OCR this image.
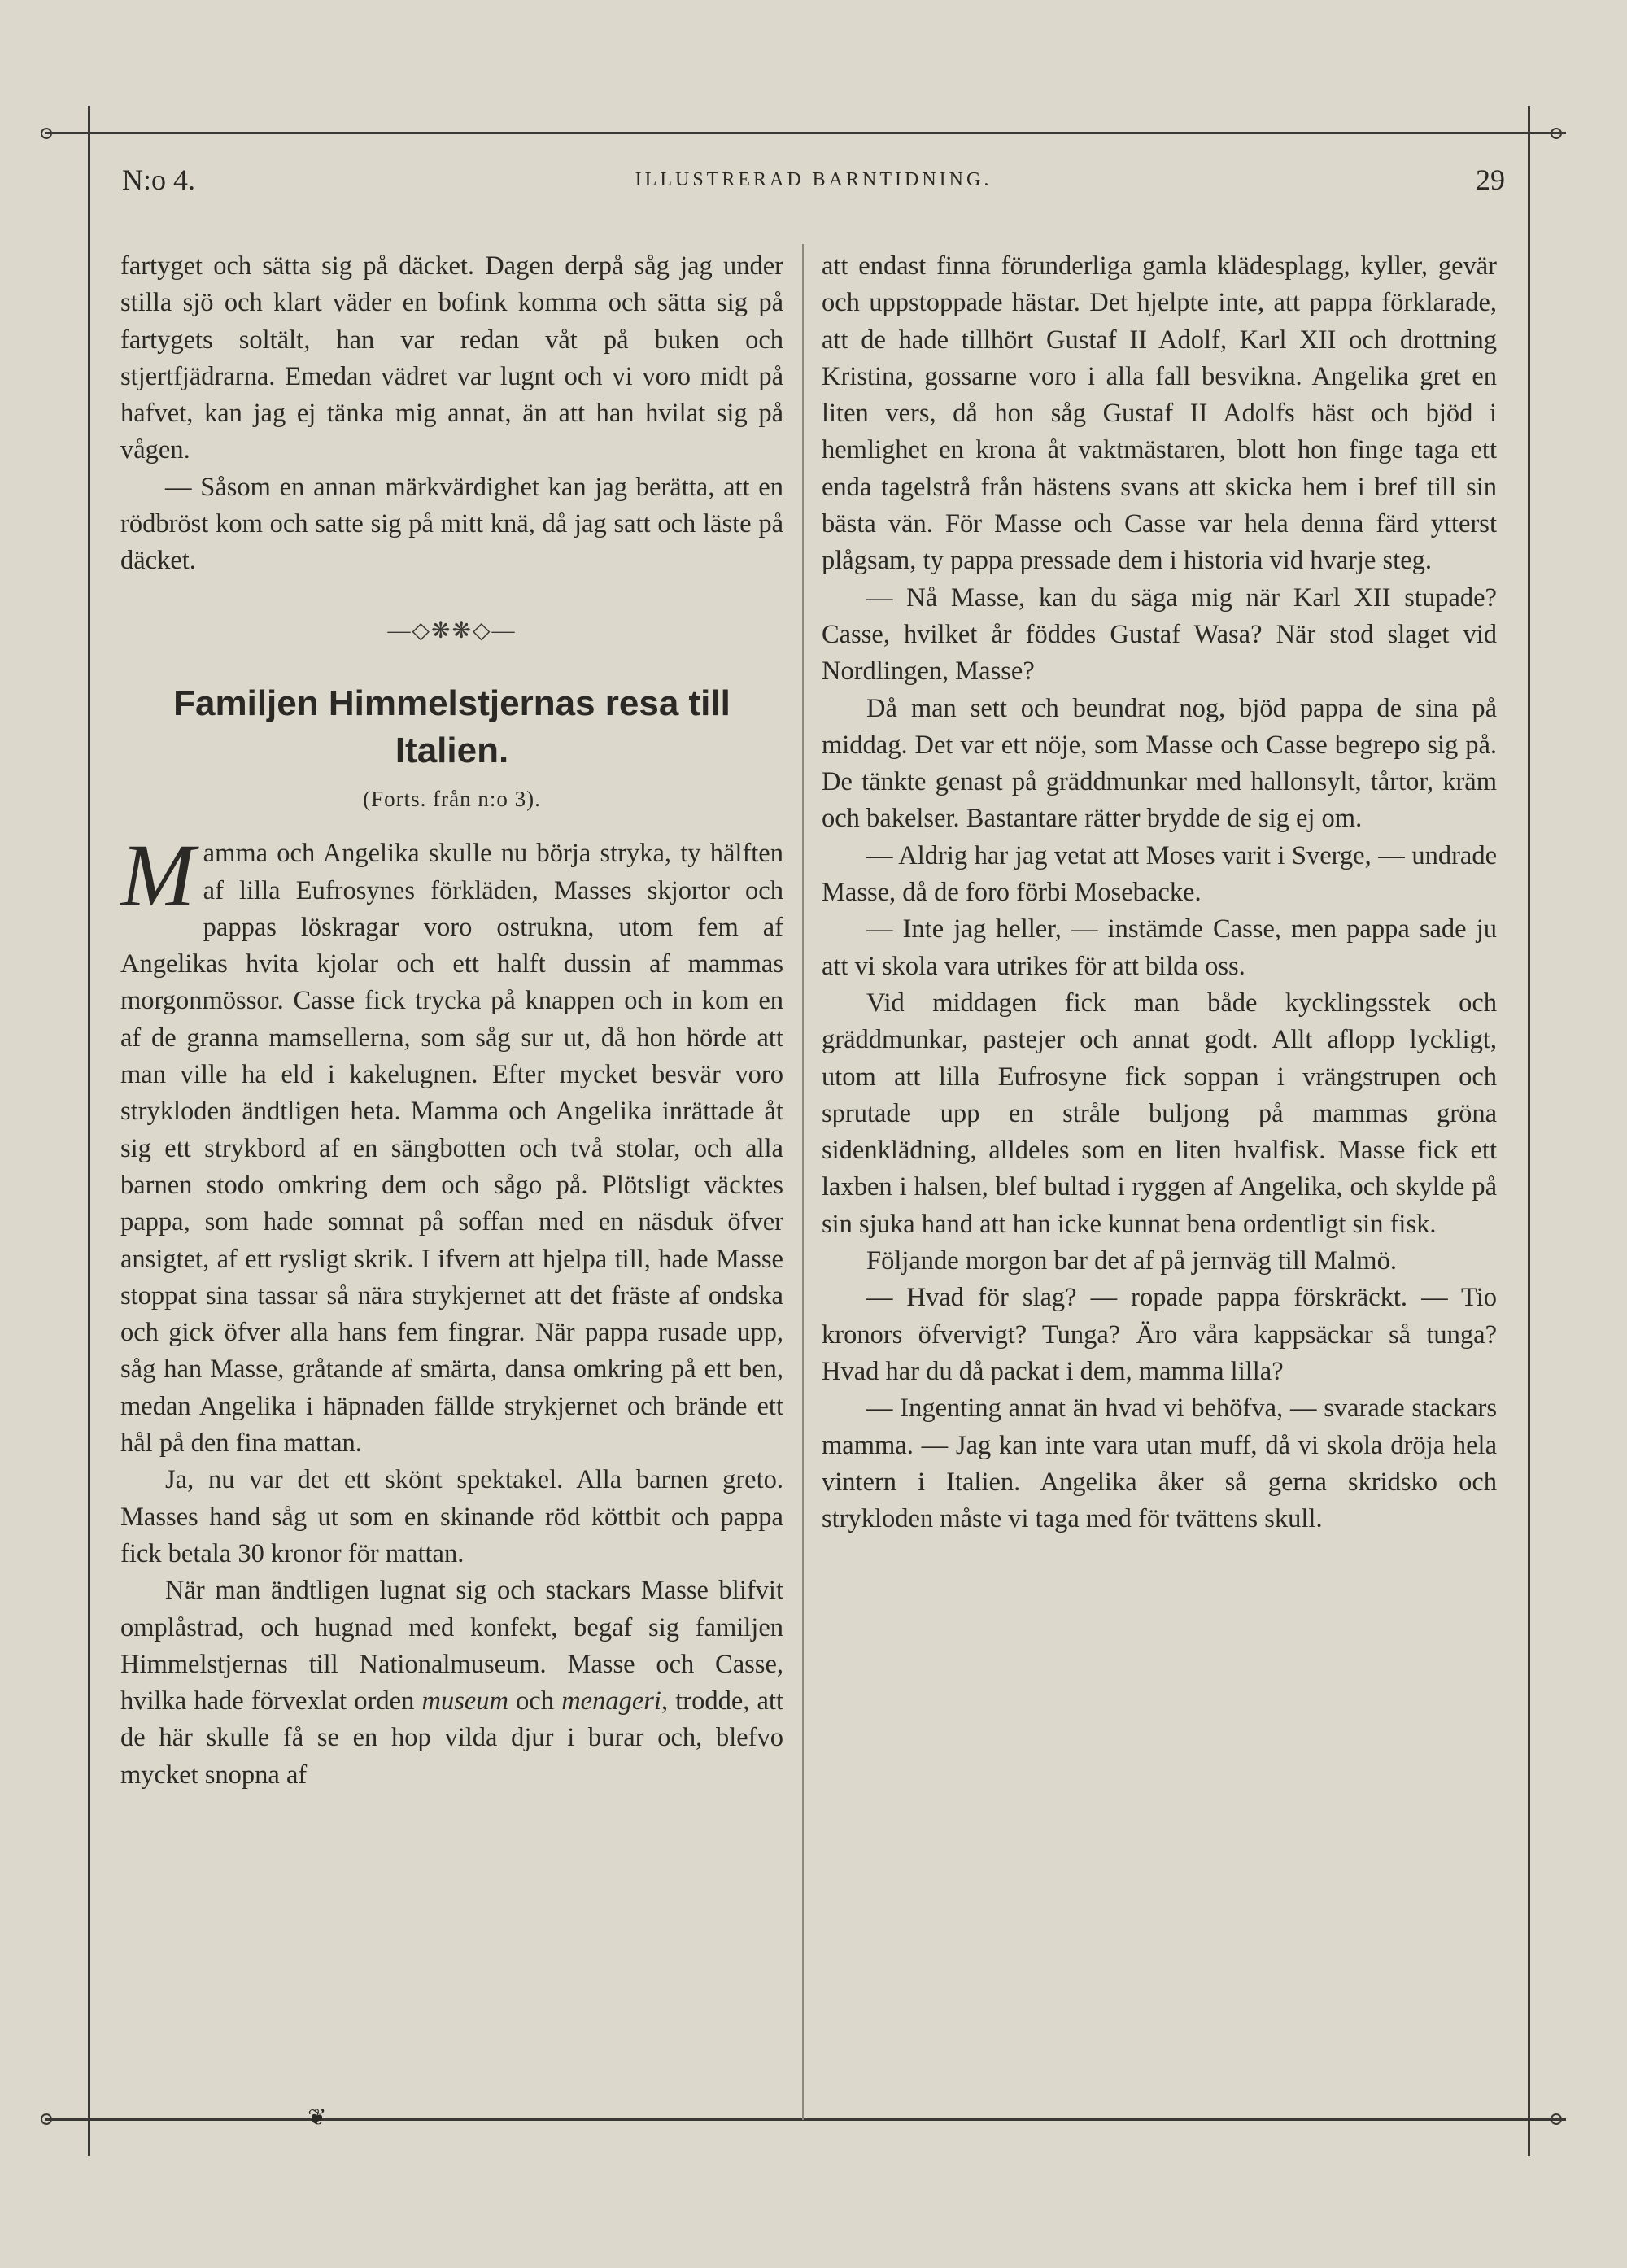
N:o 4.	ILLUSTRERAD BARNTIDNING.	29

fartyget och sätta sig på däcket. Dagen derpå såg jag under stilla sjö och klart väder en bofink komma och sätta sig på fartygets soltält, han var redan våt på buken och stjertfjädrarna. Emedan vädret var lugnt och vi voro midt på hafvet, kan jag ej tänka mig annat, än att han hvilat sig på vågen.

— Såsom en annan märkvärdighet kan jag berätta, att en rödbröst kom och satte sig på mitt knä, då jag satt och läste på däcket.

—◇❋❋◇—
Familjen Himmelstjernas resa till Italien.
(Forts. från n:o 3).

Mamma och Angelika skulle nu börja stryka, ty hälften af lilla Eufrosynes förkläden, Masses skjortor och pappas löskragar voro ostrukna, utom fem af Angelikas hvita kjolar och ett halft dussin af mammas morgonmössor. Casse fick trycka på knappen och in kom en af de granna mamsellerna, som såg sur ut, då hon hörde att man ville ha eld i kakelugnen. Efter mycket besvär voro strykloden ändtligen heta. Mamma och Angelika inrättade åt sig ett strykbord af en sängbotten och två stolar, och alla barnen stodo omkring dem och sågo på. Plötsligt väcktes pappa, som hade somnat på soffan med en näsduk öfver ansigtet, af ett rysligt skrik. I ifvern att hjelpa till, hade Masse stoppat sina tassar så nära strykjernet att det fräste af ondska och gick öfver alla hans fem fingrar. När pappa rusade upp, såg han Masse, gråtande af smärta, dansa omkring på ett ben, medan Angelika i häpnaden fällde strykjernet och brände ett hål på den fina mattan.

Ja, nu var det ett skönt spektakel. Alla barnen greto. Masses hand såg ut som en skinande röd köttbit och pappa fick betala 30 kronor för mattan.

När man ändtligen lugnat sig och stackars Masse blifvit omplåstrad, och hugnad med konfekt, begaf sig familjen Himmelstjernas till Nationalmuseum. Masse och Casse, hvilka hade förvexlat orden museum och menageri, trodde, att de här skulle få se en hop vilda djur i burar och, blefvo mycket snopna af

att endast finna förunderliga gamla klädesplagg, kyller, gevär och uppstoppade hästar. Det hjelpte inte, att pappa förklarade, att de hade tillhört Gustaf II Adolf, Karl XII och drottning Kristina, gossarne voro i alla fall besvikna. Angelika gret en liten vers, då hon såg Gustaf II Adolfs häst och bjöd i hemlighet en krona åt vaktmästaren, blott hon finge taga ett enda tagelstrå från hästens svans att skicka hem i bref till sin bästa vän. För Masse och Casse var hela denna färd ytterst plågsam, ty pappa pressade dem i historia vid hvarje steg.

— Nå Masse, kan du säga mig när Karl XII stupade? Casse, hvilket år föddes Gustaf Wasa? När stod slaget vid Nordlingen, Masse?

Då man sett och beundrat nog, bjöd pappa de sina på middag. Det var ett nöje, som Masse och Casse begrepo sig på. De tänkte genast på gräddmunkar med hallonsylt, tårtor, kräm och bakelser. Bastantare rätter brydde de sig ej om.

— Aldrig har jag vetat att Moses varit i Sverge, — undrade Masse, då de foro förbi Mosebacke.

— Inte jag heller, — instämde Casse, men pappa sade ju att vi skola vara utrikes för att bilda oss.

Vid middagen fick man både kycklingsstek och gräddmunkar, pastejer och annat godt. Allt aflopp lyckligt, utom att lilla Eufrosyne fick soppan i vrängstrupen och sprutade upp en stråle buljong på mammas gröna sidenklädning, alldeles som en liten hvalfisk. Masse fick ett laxben i halsen, blef bultad i ryggen af Angelika, och skylde på sin sjuka hand att han icke kunnat bena ordentligt sin fisk.

Följande morgon bar det af på jernväg till Malmö.

— Hvad för slag? — ropade pappa förskräckt. — Tio kronors öfvervigt? Tunga? Äro våra kappsäckar så tunga? Hvad har du då packat i dem, mamma lilla?

— Ingenting annat än hvad vi behöfva, — svarade stackars mamma. — Jag kan inte vara utan muff, då vi skola dröja hela vintern i Italien. Angelika åker så gerna skridsko och strykloden måste vi taga med för tvättens skull.

❦
